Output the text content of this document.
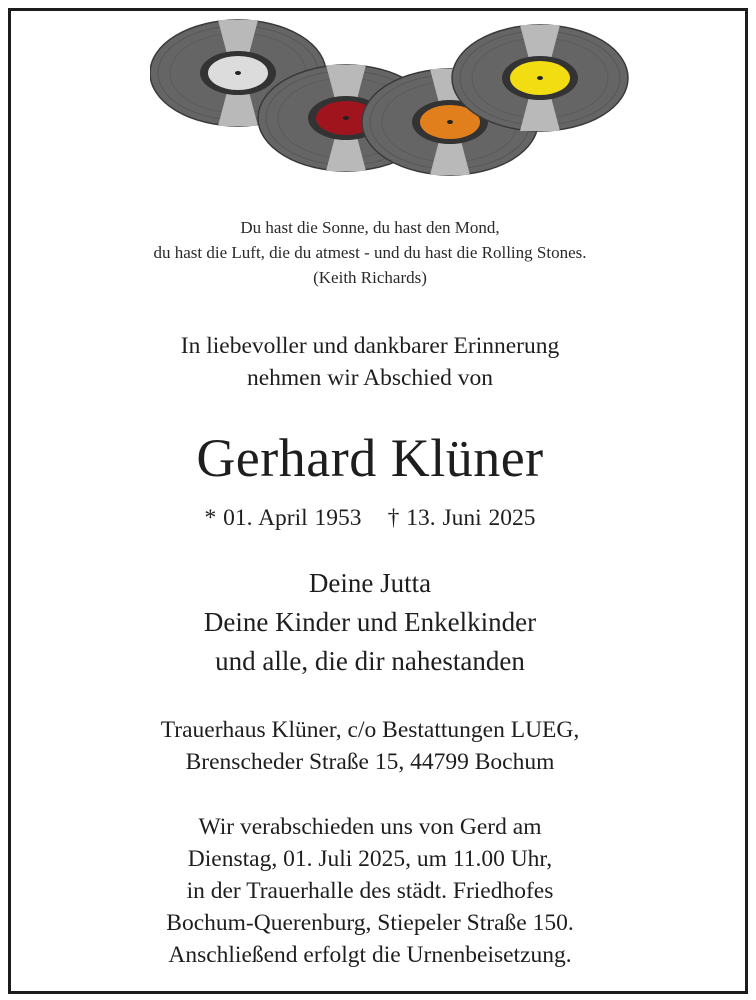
Du hast die Sonne, du hast den Mond,
du hast die Luft, die du atmest - und du hast die Rolling Stones.
(Keith Richards)
In liebevoller und dankbarer Erinnerung
nehmen wir Abschied von
Gerhard Klüner
* 01. April 1953 † 13. Juni 2025
Deine Jutta
Deine Kinder und Enkelkinder
und alle, die dir nahestanden
Trauerhaus Klüner, c/o Bestattungen LUEG,
Brenscheder Straße 15, 44799 Bochum
Wir verabschieden uns von Gerd am
Dienstag, 01. Juli 2025, um 11.00 Uhr,
in der Trauerhalle des städt. Friedhofes
Bochum-Querenburg, Stiepeler Straße 150.
Anschließend erfolgt die Urnenbeisetzung.
